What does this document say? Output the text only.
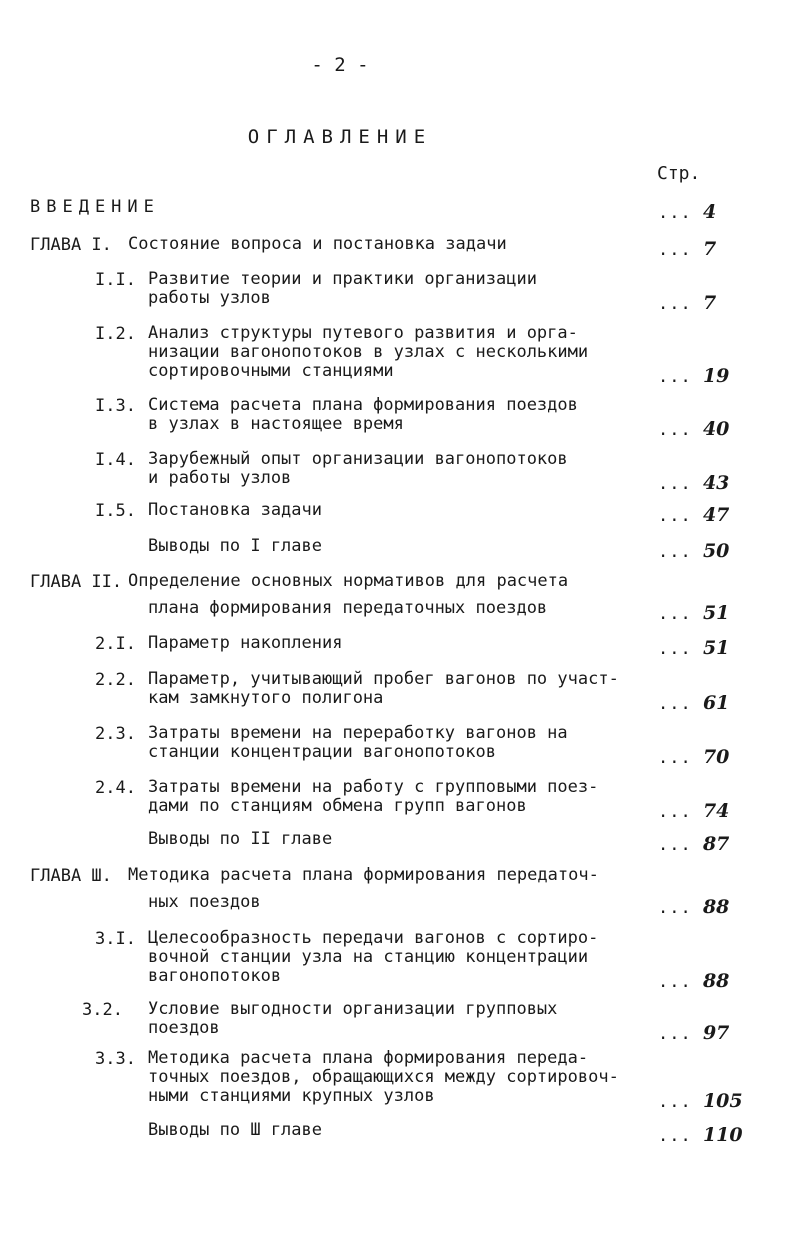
- 2 -
ОГЛАВЛЕНИЕ
Стр.
ВВЕДЕНИЕ	... 4
ГЛАВА I. Состояние вопроса и постановка задачи	... 7
I.I. Развитие теории и практики организации
работы узлов	... 7
I.2. Анализ структуры путевого развития и орга-
низации вагонопотоков в узлах с несколькими
сортировочными станциями	... 19
I.3. Система расчета плана формирования поездов
в узлах в настоящее время	... 40
I.4. Зарубежный опыт организации вагонопотоков
и работы узлов	... 43
I.5. Постановка задачи	... 47
Выводы по I главе	... 50
ГЛАВА II. Определение основных нормативов для расчета
плана формирования передаточных поездов	... 51
2.I. Параметр накопления	... 51
2.2. Параметр, учитывающий пробег вагонов по участ-
кам замкнутого полигона	... 61
2.3. Затраты времени на переработку вагонов на
станции концентрации вагонопотоков	... 70
2.4. Затраты времени на работу с групповыми поез-
дами по станциям обмена групп вагонов	... 74
Выводы по II главе	... 87
ГЛАВА Ш. Методика расчета плана формирования передаточ-
ных поездов	... 88
3.I. Целесообразность передачи вагонов с сортиро-
вочной станции узла на станцию концентрации
вагонопотоков	... 88
3.2. Условие выгодности организации групповых
поездов	... 97
3.3. Методика расчета плана формирования переда-
точных поездов, обращающихся между сортировоч-
ными станциями крупных узлов	... 105
Выводы по Ш главе	... 110
